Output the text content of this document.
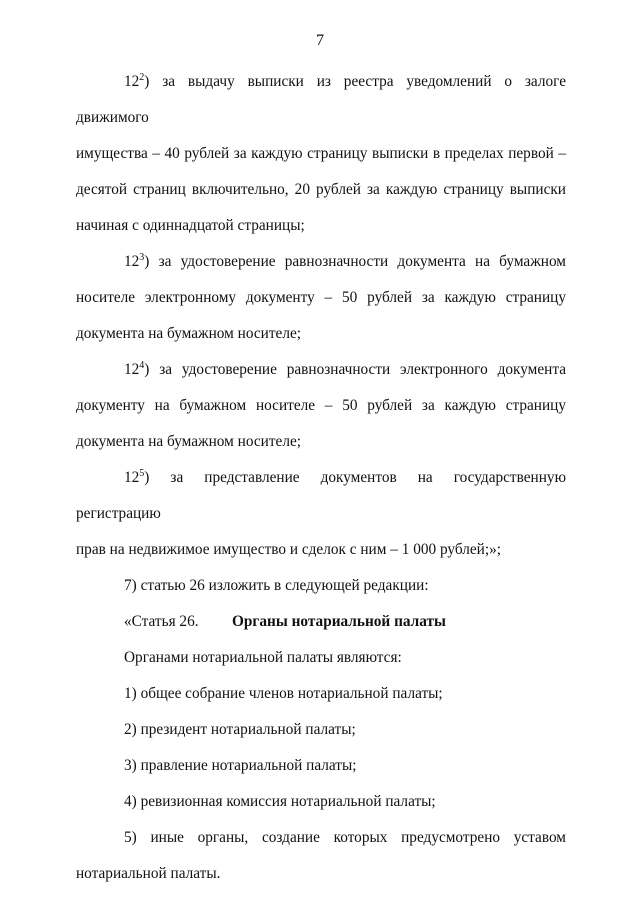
7
$12^2$) за выдачу выписки из реестра уведомлений о залоге движимого
имущества – 40 рублей за каждую страницу выписки в пределах первой –
десятой страниц включительно, 20 рублей за каждую страницу выписки
начиная с одиннадцатой страницы;
$12^3$) за удостоверение равнозначности документа на бумажном
носителе электронному документу – 50 рублей за каждую страницу
документа на бумажном носителе;
$12^4$) за удостоверение равнозначности электронного документа
документу на бумажном носителе – 50 рублей за каждую страницу
документа на бумажном носителе;
$12^5$) за представление документов на государственную регистрацию
прав на недвижимое имущество и сделок с ним – 1 000 рублей;»;
7) статью 26 изложить в следующей редакции:
«Статья 26.	Органы нотариальной палаты
Органами нотариальной палаты являются:
1) общее собрание членов нотариальной палаты;
2) президент нотариальной палаты;
3) правление нотариальной палаты;
4) ревизионная комиссия нотариальной палаты;
5) иные органы, создание которых предусмотрено уставом
нотариальной палаты.
